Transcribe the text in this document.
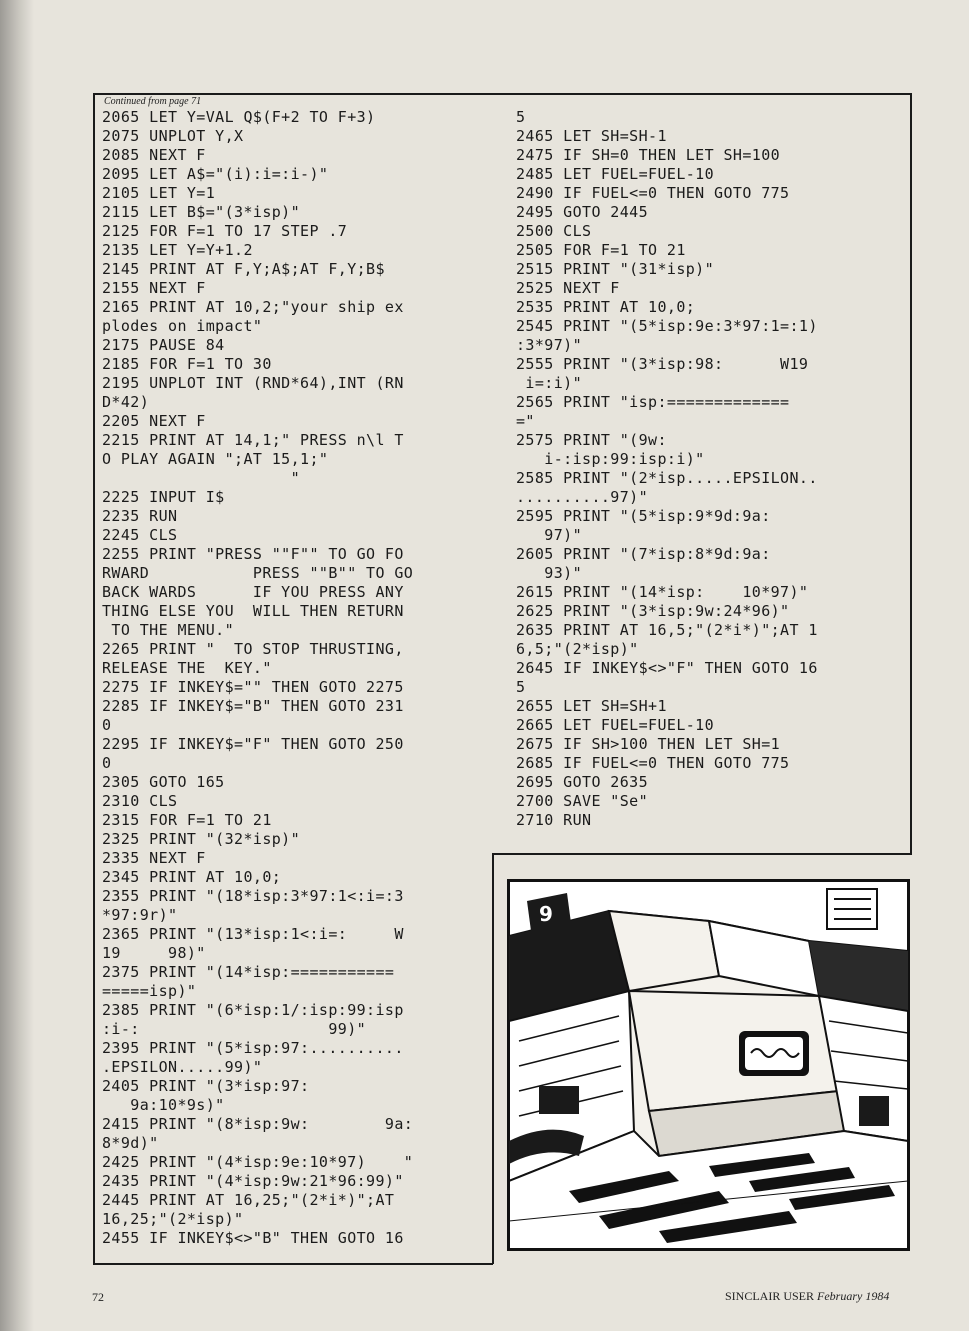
Continued from page 71
2065 LET Y=VAL Q$(F+2 TO F+3)
2075 UNPLOT Y,X
2085 NEXT F
2095 LET A$="(i):i=:i-)"
2105 LET Y=1
2115 LET B$="(3*isp)"
2125 FOR F=1 TO 17 STEP .7
2135 LET Y=Y+1.2
2145 PRINT AT F,Y;A$;AT F,Y;B$
2155 NEXT F
2165 PRINT AT 10,2;"your ship ex
plodes on impact"
2175 PAUSE 84
2185 FOR F=1 TO 30
2195 UNPLOT INT (RND*64),INT (RN
D*42)
2205 NEXT F
2215 PRINT AT 14,1;" PRESS n\l T
O PLAY AGAIN ";AT 15,1;"
"
2225 INPUT I$
2235 RUN
2245 CLS
2255 PRINT "PRESS ""F"" TO GO FO
RWARD           PRESS ""B"" TO GO
BACK WARDS      IF YOU PRESS ANY
THING ELSE YOU  WILL THEN RETURN
TO THE MENU."
2265 PRINT "  TO STOP THRUSTING,
RELEASE THE  KEY."
2275 IF INKEY$="" THEN GOTO 2275
2285 IF INKEY$="B" THEN GOTO 231
0
2295 IF INKEY$="F" THEN GOTO 250
0
2305 GOTO 165
2310 CLS
2315 FOR F=1 TO 21
2325 PRINT "(32*isp)"
2335 NEXT F
2345 PRINT AT 10,0;
2355 PRINT "(18*isp:3*97:1<:i=:3
*97:9r)"
2365 PRINT "(13*isp:1<:i=:     W
19     98)"
2375 PRINT "(14*isp:===========
=====isp)"
2385 PRINT "(6*isp:1/:isp:99:isp
:i-:                    99)"
2395 PRINT "(5*isp:97:..........
.EPSILON.....99)"
2405 PRINT "(3*isp:97:
9a:10*9s)"
2415 PRINT "(8*isp:9w:        9a:
8*9d)"
2425 PRINT "(4*isp:9e:10*97)    "
2435 PRINT "(4*isp:9w:21*96:99)"
2445 PRINT AT 16,25;"(2*i*)";AT
16,25;"(2*isp)"
2455 IF INKEY$<>"B" THEN GOTO 16
5
2465 LET SH=SH-1
2475 IF SH=0 THEN LET SH=100
2485 LET FUEL=FUEL-10
2490 IF FUEL<=0 THEN GOTO 775
2495 GOTO 2445
2500 CLS
2505 FOR F=1 TO 21
2515 PRINT "(31*isp)"
2525 NEXT F
2535 PRINT AT 10,0;
2545 PRINT "(5*isp:9e:3*97:1=:1)
:3*97)"
2555 PRINT "(3*isp:98:      W19
i=:i)"
2565 PRINT "isp:=============
="
2575 PRINT "(9w:
i-:isp:99:isp:i)"
2585 PRINT "(2*isp.....EPSILON..
..........97)"
2595 PRINT "(5*isp:9*9d:9a:
97)"
2605 PRINT "(7*isp:8*9d:9a:
93)"
2615 PRINT "(14*isp:    10*97)"
2625 PRINT "(3*isp:9w:24*96)"
2635 PRINT AT 16,5;"(2*i*)";AT 1
6,5;"(2*isp)"
2645 IF INKEY$<>"F" THEN GOTO 16
5
2655 LET SH=SH+1
2665 LET FUEL=FUEL-10
2675 IF SH>100 THEN LET SH=1
2685 IF FUEL<=0 THEN GOTO 775
2695 GOTO 2635
2700 SAVE "Se"
2710 RUN
9
72	SINCLAIR USER February 1984
